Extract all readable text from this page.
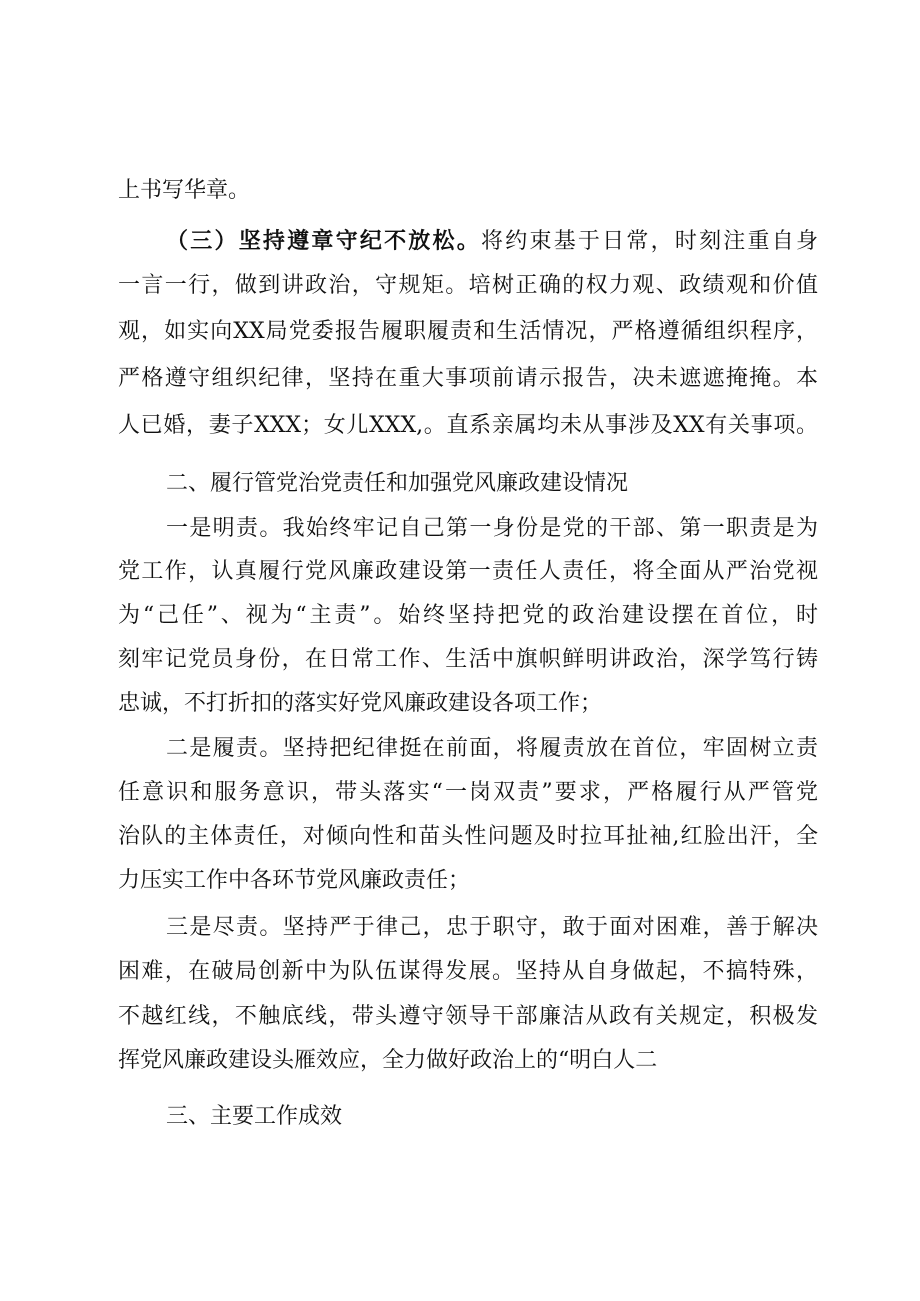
上书写华章。
（三）坚持遵章守纪不放松。将约束基于日常，时刻注重自身
一言一行，做到讲政治，守规矩。培树正确的权力观、政绩观和价值
观，如实向XX局党委报告履职履责和生活情况，严格遵循组织程序，
严格遵守组织纪律，坚持在重大事项前请示报告，决未遮遮掩掩。本
人已婚，妻子XXX；女儿XXX,。直系亲属均未从事涉及XX有关事项。
二、履行管党治党责任和加强党风廉政建设情况
一是明责。我始终牢记自己第一身份是党的干部、第一职责是为
党工作，认真履行党风廉政建设第一责任人责任，将全面从严治党视
为“己任”、视为“主责”。始终坚持把党的政治建设摆在首位，时
刻牢记党员身份，在日常工作、生活中旗帜鲜明讲政治，深学笃行铸
忠诚，不打折扣的落实好党风廉政建设各项工作；
二是履责。坚持把纪律挺在前面，将履责放在首位，牢固树立责
任意识和服务意识，带头落实“一岗双责”要求，严格履行从严管党
治队的主体责任，对倾向性和苗头性问题及时拉耳扯袖,红脸出汗，全
力压实工作中各环节党风廉政责任；
三是尽责。坚持严于律己，忠于职守，敢于面对困难，善于解决
困难，在破局创新中为队伍谋得发展。坚持从自身做起，不搞特殊，
不越红线，不触底线，带头遵守领导干部廉洁从政有关规定，积极发
挥党风廉政建设头雁效应，全力做好政治上的“明白人二
三、主要工作成效
